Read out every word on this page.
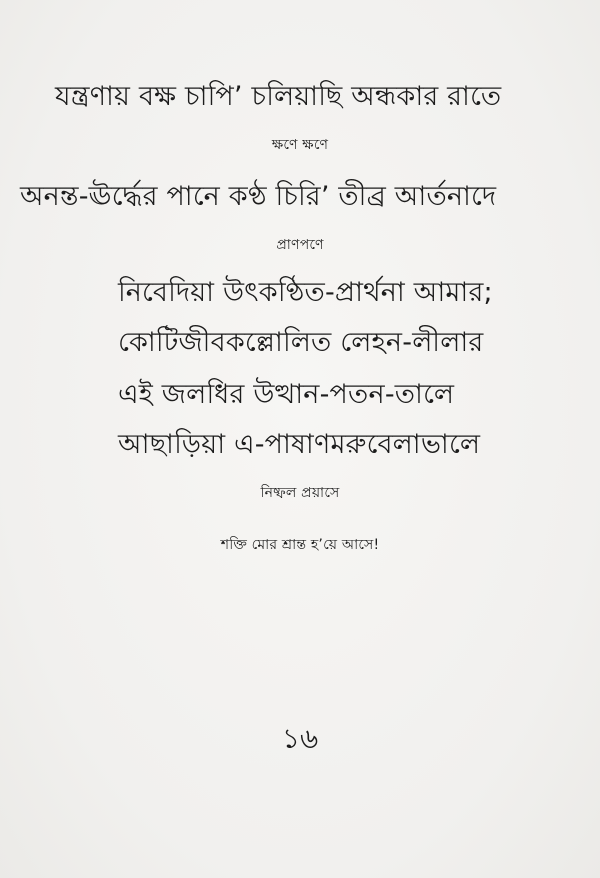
যন্ত্রণায় বক্ষ চাপি’ চলিয়াছি অন্ধকার রাতে
ক্ষণে ক্ষণে
অনন্ত-ঊর্দ্ধের পানে কণ্ঠ চিরি’ তীব্র আর্তনাদে
প্রাণপণে
নিবেদিয়া উৎকণ্ঠিত-প্রার্থনা আমার;
কোটিজীবকল্লোলিত লেহন-লীলার
এই জলধির উত্থান-পতন-তালে
আছাড়িয়া এ-পাষাণমরুবেলাভালে
নিষ্ফল প্রয়াসে
শক্তি মোর শ্রান্ত হ’য়ে আসে!
১৬
